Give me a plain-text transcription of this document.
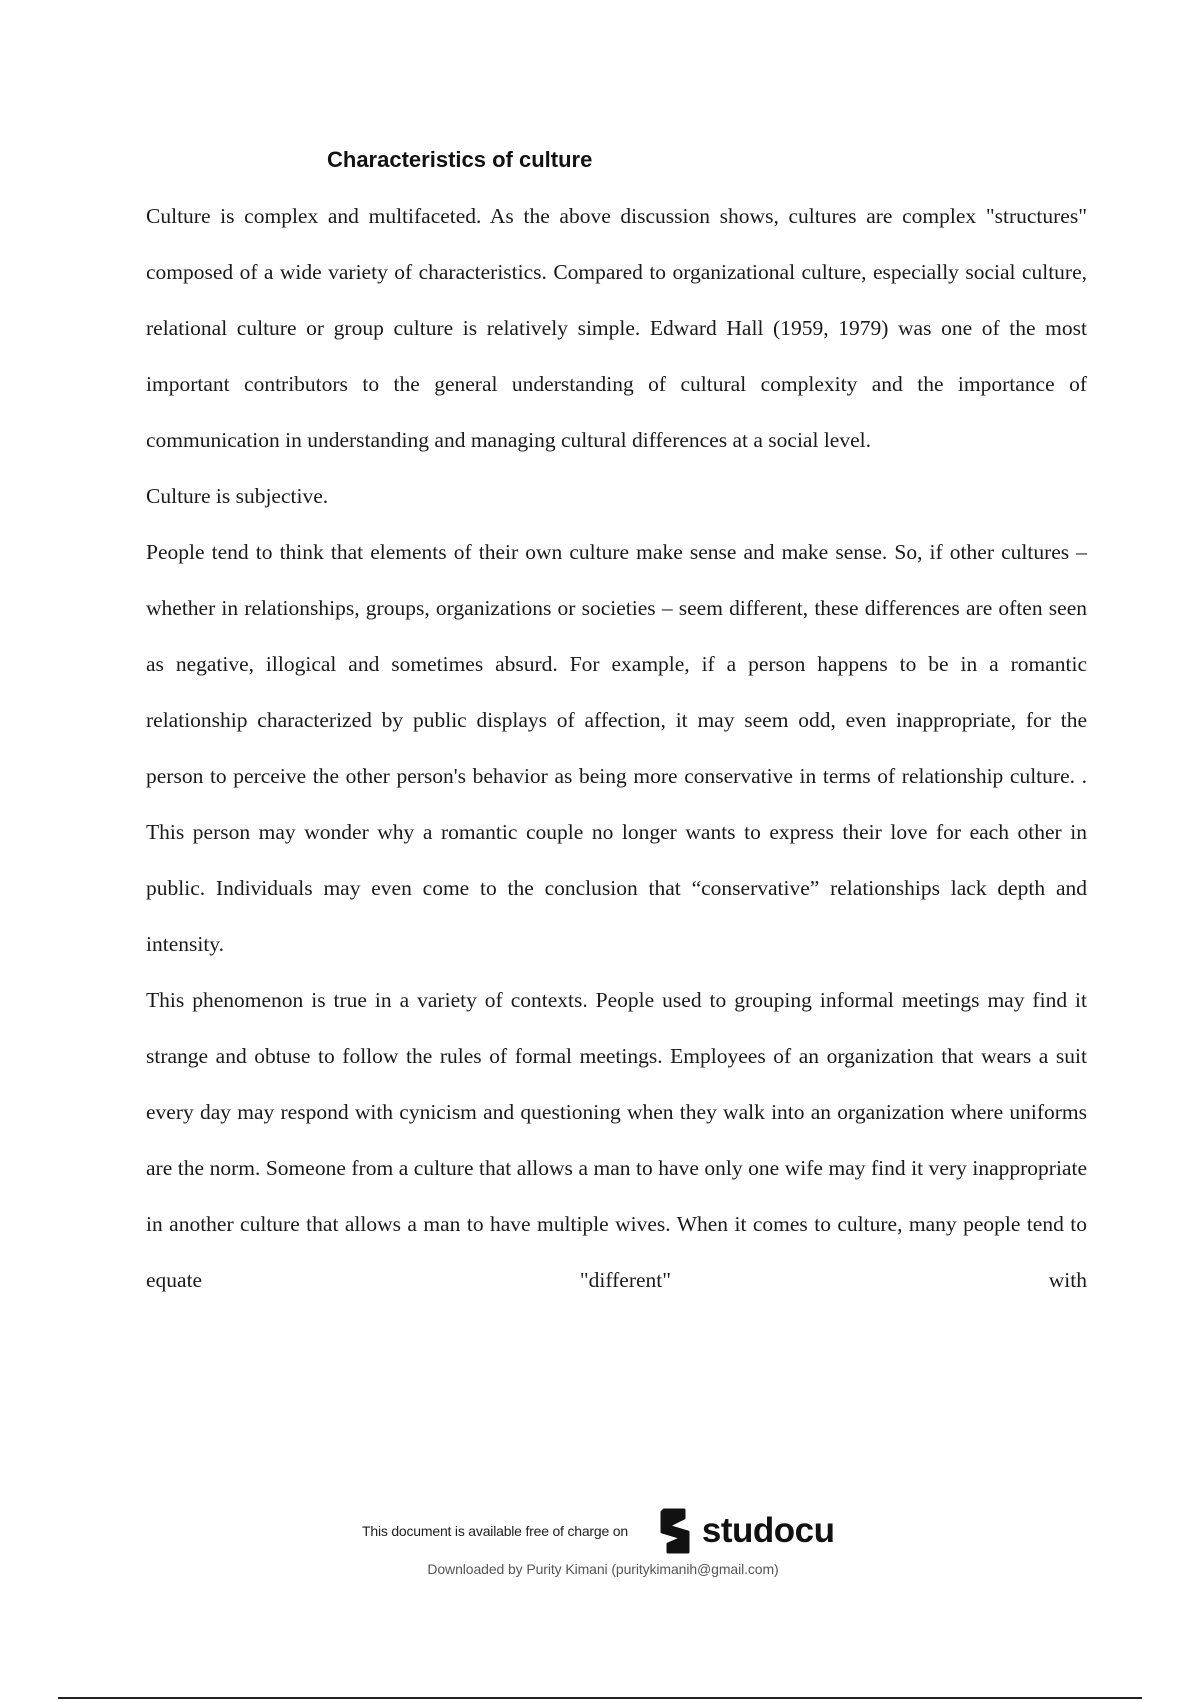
Characteristics of culture

Culture is complex and multifaceted. As the above discussion shows, cultures are complex "structures" composed of a wide variety of characteristics. Compared to organizational culture, especially social culture, relational culture or group culture is relatively simple. Edward Hall (1959, 1979) was one of the most important contributors to the general understanding of cultural complexity and the importance of communication in understanding and managing cultural differences at a social level.

Culture is subjective.

People tend to think that elements of their own culture make sense and make sense. So, if other cultures – whether in relationships, groups, organizations or societies – seem different, these differences are often seen as negative, illogical and sometimes absurd. For example, if a person happens to be in a romantic relationship characterized by public displays of affection, it may seem odd, even inappropriate, for the person to perceive the other person's behavior as being more conservative in terms of relationship culture. . This person may wonder why a romantic couple no longer wants to express their love for each other in public. Individuals may even come to the conclusion that “conservative” relationships lack depth and intensity.

This phenomenon is true in a variety of contexts. People used to grouping informal meetings may find it strange and obtuse to follow the rules of formal meetings. Employees of an organization that wears a suit every day may respond with cynicism and questioning when they walk into an organization where uniforms are the norm. Someone from a culture that allows a man to have only one wife may find it very inappropriate in another culture that allows a man to have multiple wives. When it comes to culture, many people tend to equate "different" with

This document is available free of charge on studocu
Downloaded by Purity Kimani (puritykimanih@gmail.com)
